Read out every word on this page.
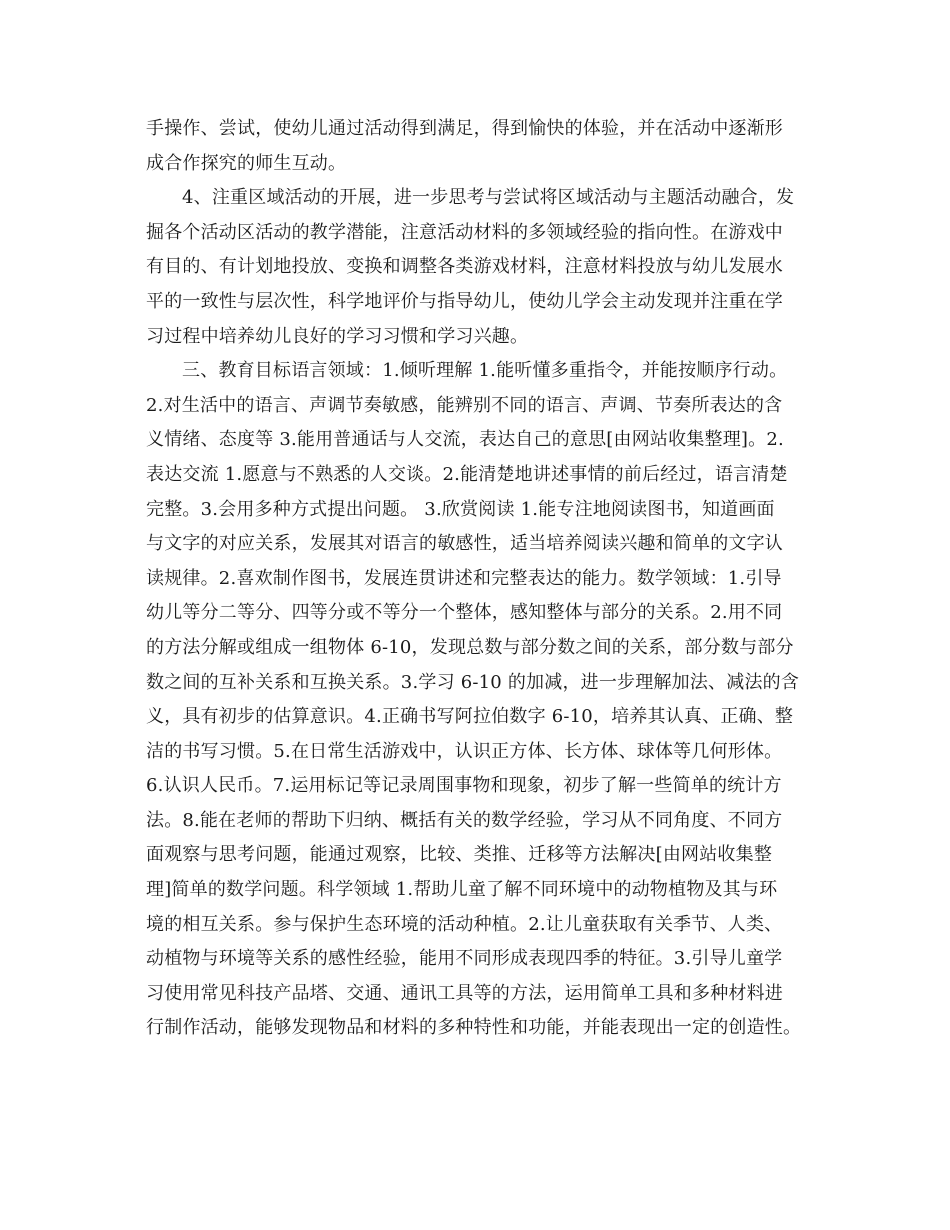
手操作、尝试，使幼儿通过活动得到满足，得到愉快的体验，并在活动中逐渐形
成合作探究的师生互动。
4、注重区域活动的开展，进一步思考与尝试将区域活动与主题活动融合，发
掘各个活动区活动的教学潜能，注意活动材料的多领域经验的指向性。在游戏中
有目的、有计划地投放、变换和调整各类游戏材料，注意材料投放与幼儿发展水
平的一致性与层次性，科学地评价与指导幼儿，使幼儿学会主动发现并注重在学
习过程中培养幼儿良好的学习习惯和学习兴趣。
三、教育目标语言领域：1.倾听理解 1.能听懂多重指令，并能按顺序行动。
2.对生活中的语言、声调节奏敏感，能辨别不同的语言、声调、节奏所表达的含
义情绪、态度等 3.能用普通话与人交流，表达自己的意思[由网站收集整理]。2.
表达交流 1.愿意与不熟悉的人交谈。2.能清楚地讲述事情的前后经过，语言清楚
完整。3.会用多种方式提出问题。 3.欣赏阅读 1.能专注地阅读图书，知道画面
与文字的对应关系，发展其对语言的敏感性，适当培养阅读兴趣和简单的文字认
读规律。2.喜欢制作图书，发展连贯讲述和完整表达的能力。数学领域：1.引导
幼儿等分二等分、四等分或不等分一个整体，感知整体与部分的关系。2.用不同
的方法分解或组成一组物体 6-10，发现总数与部分数之间的关系，部分数与部分
数之间的互补关系和互换关系。3.学习 6-10 的加减，进一步理解加法、减法的含
义，具有初步的估算意识。4.正确书写阿拉伯数字 6-10，培养其认真、正确、整
洁的书写习惯。5.在日常生活游戏中，认识正方体、长方体、球体等几何形体。
6.认识人民币。7.运用标记等记录周围事物和现象，初步了解一些简单的统计方
法。8.能在老师的帮助下归纳、概括有关的数学经验，学习从不同角度、不同方
面观察与思考问题，能通过观察，比较、类推、迁移等方法解决[由网站收集整
理]简单的数学问题。科学领域 1.帮助儿童了解不同环境中的动物植物及其与环
境的相互关系。参与保护生态环境的活动种植。2.让儿童获取有关季节、人类、
动植物与环境等关系的感性经验，能用不同形成表现四季的特征。3.引导儿童学
习使用常见科技产品塔、交通、通讯工具等的方法，运用简单工具和多种材料进
行制作活动，能够发现物品和材料的多种特性和功能，并能表现出一定的创造性。
